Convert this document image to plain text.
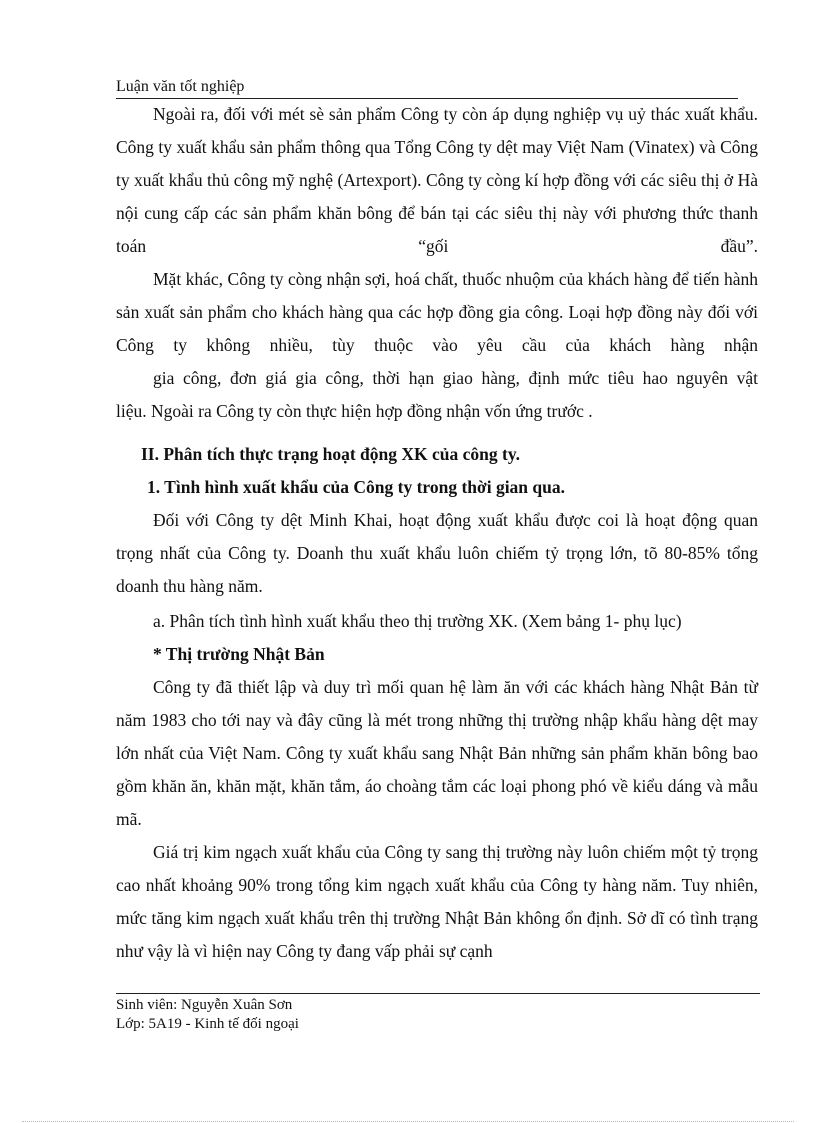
Luận văn tốt nghiệp

Ngoài ra, đối với mét sè sản phẩm Công ty còn áp dụng nghiệp vụ uỷ thác xuất khẩu. Công ty xuất khẩu sản phẩm thông qua Tổng Công ty dệt may Việt Nam (Vinatex) và Công ty xuất khẩu thủ công mỹ nghệ (Artexport). Công ty còng kí hợp đồng với các siêu thị ở Hà nội cung cấp các sản phẩm khăn bông để bán tại các siêu thị này với phương thức thanh toán “gối đầu”.

Mặt khác, Công ty còng nhận sợi, hoá chất, thuốc nhuộm của khách hàng để tiến hành sản xuất sản phẩm cho khách hàng qua các hợp đồng gia công. Loại hợp đồng này đối với Công ty không nhiều, tùy thuộc vào yêu cầu của khách hàng nhận

gia công, đơn giá gia công, thời hạn giao hàng, định mức tiêu hao nguyên vật

liệu. Ngoài ra Công ty còn thực hiện hợp đồng nhận vốn ứng trước .

II. Phân tích thực trạng hoạt động XK của công ty.
1. Tình hình xuất khẩu của Công ty trong thời gian qua.

Đối với Công ty dệt Minh Khai, hoạt động xuất khẩu được coi là hoạt động quan trọng nhất của Công ty. Doanh thu xuất khẩu luôn chiếm tỷ trọng lớn, tõ 80-85% tổng doanh thu hàng năm.

a. Phân tích tình hình xuất khẩu theo thị trường XK. (Xem bảng 1- phụ lục)

* Thị trường Nhật Bản

Công ty đã thiết lập và duy trì mối quan hệ làm ăn với các khách hàng Nhật Bản từ năm 1983 cho tới nay và đây cũng là mét trong những thị trường nhập khẩu hàng dệt may lớn nhất của Việt Nam. Công ty xuất khẩu sang Nhật Bản những sản phẩm khăn bông bao gồm khăn ăn, khăn mặt, khăn tắm, áo choàng tắm các loại phong phó về kiểu dáng và mẫu mã.

Giá trị kim ngạch xuất khẩu của Công ty sang thị trường này luôn chiếm một tỷ trọng cao nhất khoảng 90% trong tổng kim ngạch xuất khẩu của Công ty hàng năm. Tuy nhiên, mức tăng kim ngạch xuất khẩu trên thị trường Nhật Bản không ổn định. Sở dĩ có tình trạng như vậy là vì hiện nay Công ty đang vấp phải sự cạnh

Sinh viên: Nguyễn Xuân Sơn
Lớp: 5A19 - Kinh tế đối ngoại
